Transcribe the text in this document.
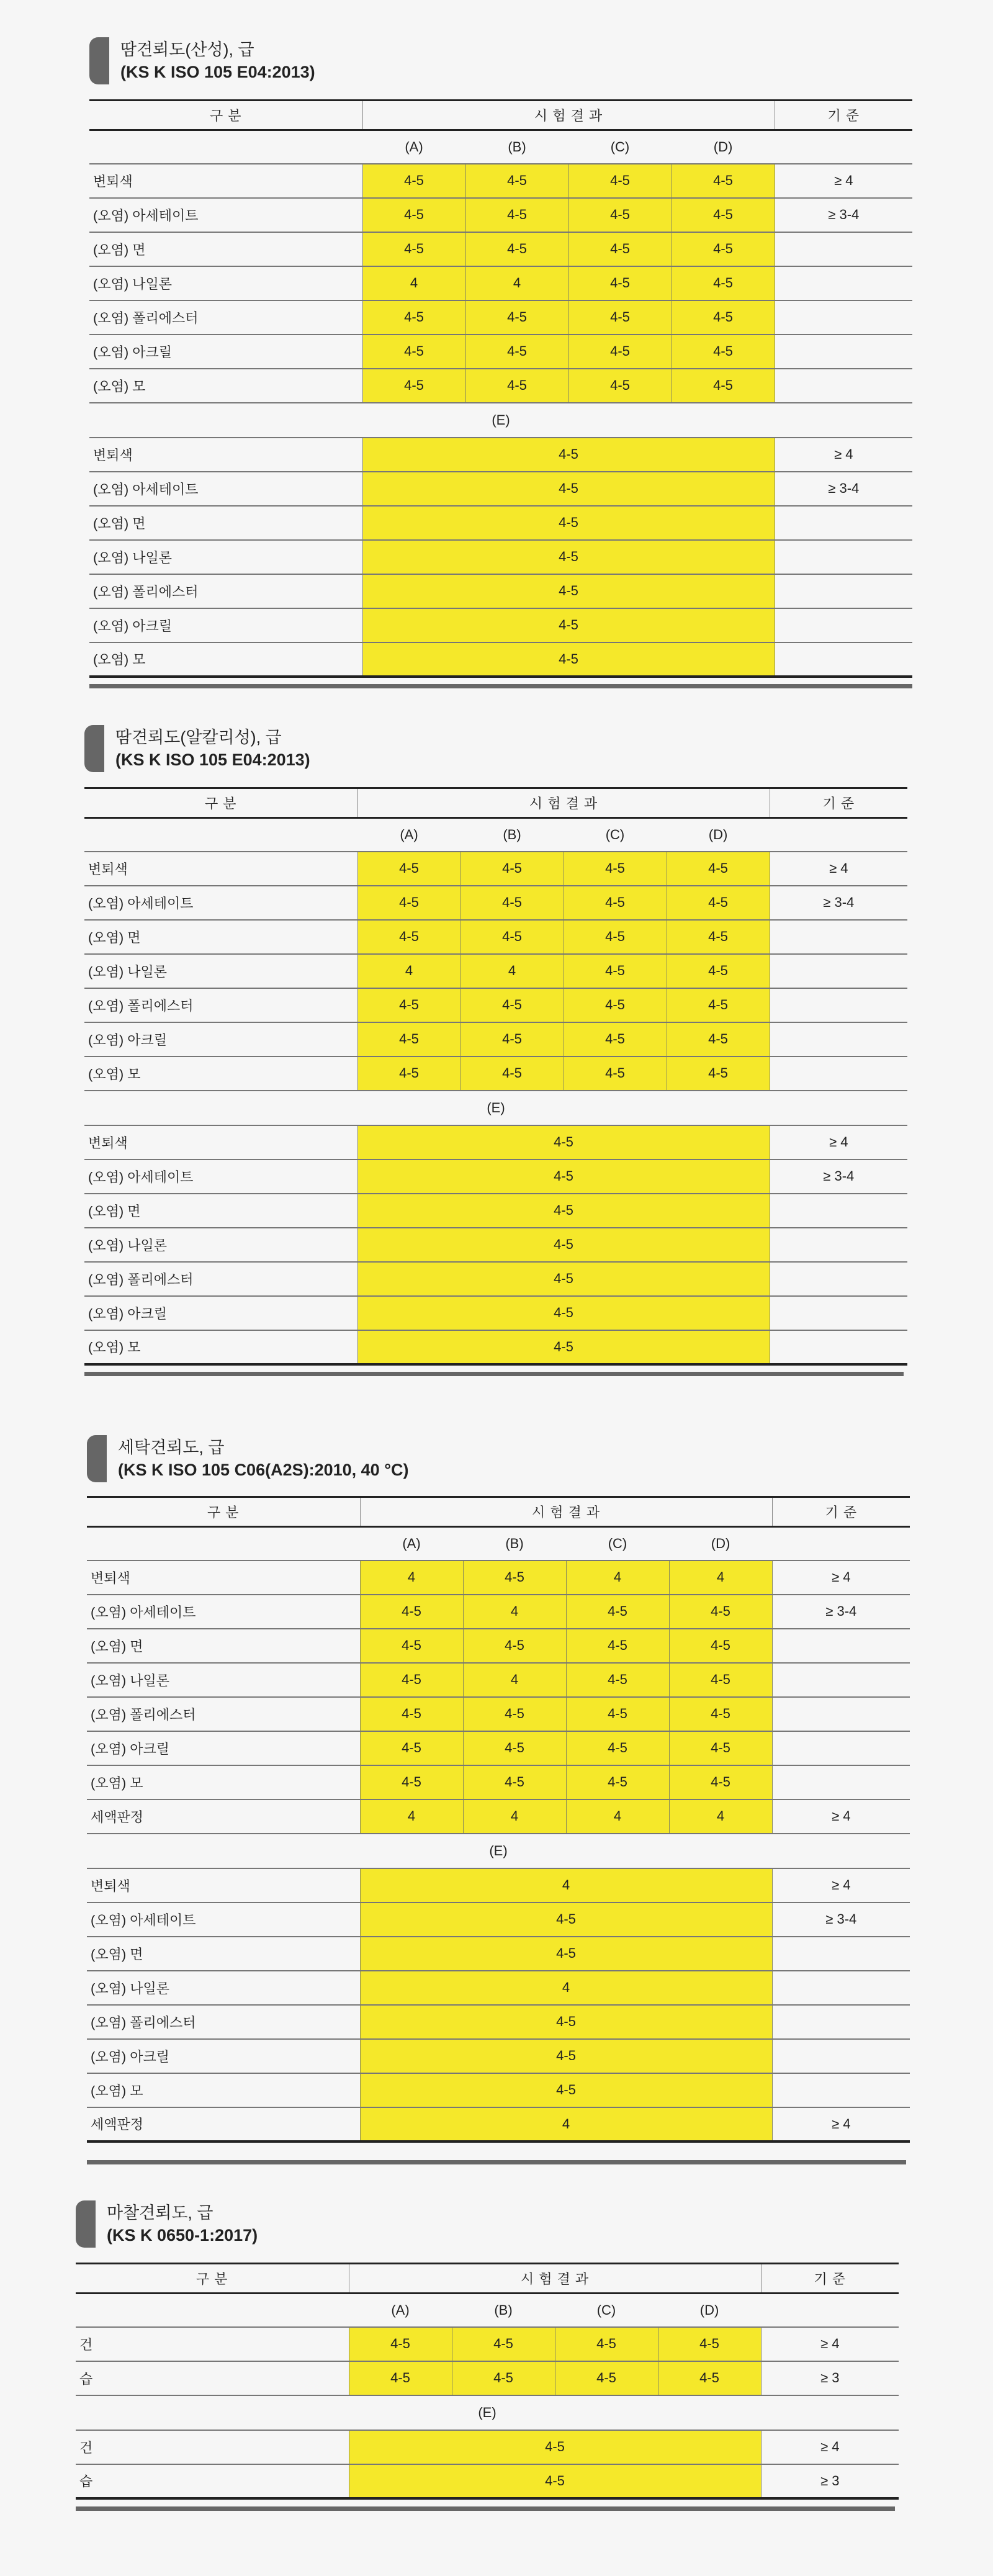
땀견뢰도(산성), 급
(KS K ISO 105 E04:2013)
구 분	시 험 결 과				기 준
	(A)	(B)	(C)	(D)	
변퇴색	4-5	4-5	4-5	4-5	≥ 4
(오염) 아세테이트	4-5	4-5	4-5	4-5	≥ 3-4
(오염) 면	4-5	4-5	4-5	4-5	
(오염) 나일론	4	4	4-5	4-5	
(오염) 폴리에스터	4-5	4-5	4-5	4-5	
(오염) 아크릴	4-5	4-5	4-5	4-5	
(오염) 모	4-5	4-5	4-5	4-5	
(E)					
변퇴색	4-5				≥ 4
(오염) 아세테이트	4-5				≥ 3-4
(오염) 면	4-5				
(오염) 나일론	4-5				
(오염) 폴리에스터	4-5				
(오염) 아크릴	4-5				
(오염) 모	4-5				
땀견뢰도(알칼리성), 급
(KS K ISO 105 E04:2013)
구 분	시 험 결 과				기 준
	(A)	(B)	(C)	(D)	
변퇴색	4-5	4-5	4-5	4-5	≥ 4
(오염) 아세테이트	4-5	4-5	4-5	4-5	≥ 3-4
(오염) 면	4-5	4-5	4-5	4-5	
(오염) 나일론	4	4	4-5	4-5	
(오염) 폴리에스터	4-5	4-5	4-5	4-5	
(오염) 아크릴	4-5	4-5	4-5	4-5	
(오염) 모	4-5	4-5	4-5	4-5	
(E)					
변퇴색	4-5				≥ 4
(오염) 아세테이트	4-5				≥ 3-4
(오염) 면	4-5				
(오염) 나일론	4-5				
(오염) 폴리에스터	4-5				
(오염) 아크릴	4-5				
(오염) 모	4-5				
세탁견뢰도, 급
(KS K ISO 105 C06(A2S):2010, 40 °C)
구 분	시 험 결 과				기 준
	(A)	(B)	(C)	(D)	
변퇴색	4	4-5	4	4	≥ 4
(오염) 아세테이트	4-5	4	4-5	4-5	≥ 3-4
(오염) 면	4-5	4-5	4-5	4-5	
(오염) 나일론	4-5	4	4-5	4-5	
(오염) 폴리에스터	4-5	4-5	4-5	4-5	
(오염) 아크릴	4-5	4-5	4-5	4-5	
(오염) 모	4-5	4-5	4-5	4-5	
세액판정	4	4	4	4	≥ 4
(E)					
변퇴색	4				≥ 4
(오염) 아세테이트	4-5				≥ 3-4
(오염) 면	4-5				
(오염) 나일론	4				
(오염) 폴리에스터	4-5				
(오염) 아크릴	4-5				
(오염) 모	4-5				
세액판정	4				≥ 4
마찰견뢰도, 급
(KS K 0650-1:2017)
구 분	시 험 결 과				기 준
	(A)	(B)	(C)	(D)	
건	4-5	4-5	4-5	4-5	≥ 4
습	4-5	4-5	4-5	4-5	≥ 3
(E)					
건	4-5				≥ 4
습	4-5				≥ 3
